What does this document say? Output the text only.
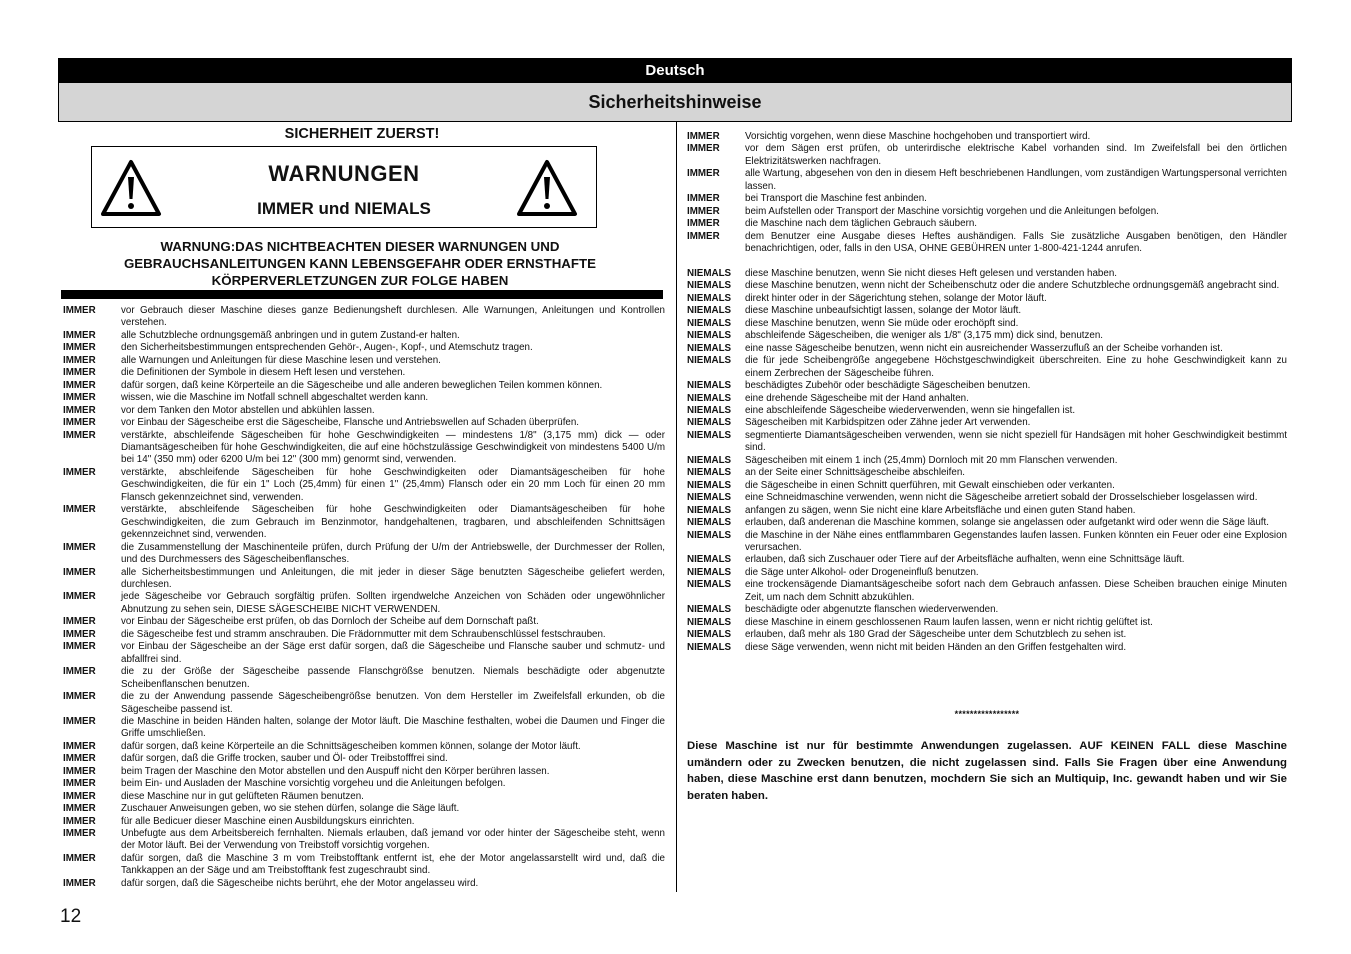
Deutsch
Sicherheitshinweise
SICHERHEIT ZUERST!
WARNUNGEN
IMMER und NIEMALS
WARNUNG:DAS NICHTBEACHTEN DIESER WARNUNGEN UND GEBRAUCHSANLEITUNGEN KANN LEBENSGEFAHR ODER ERNSTHAFTE KÖRPERVERLETZUNGEN ZUR FOLGE HABEN
IMMER	vor Gebrauch dieser Maschine dieses ganze Bedienungsheft durchlesen. Alle Warnungen, Anleitungen und Kontrollen verstehen.
IMMER	alle Schutzbleche ordnungsgemäß anbringen und in gutem Zustand-er halten.
IMMER	den Sicherheitsbestimmungen entsprechenden Gehör-, Augen-, Kopf-, und Atemschutz tragen.
IMMER	alle Warnungen und Anleitungen für diese Maschine lesen und verstehen.
IMMER	die Definitionen der Symbole in diesem Heft lesen und verstehen.
IMMER	dafür sorgen, daß keine Körperteile an die Sägescheibe und alle anderen beweglichen Teilen kommen können.
IMMER	wissen, wie die Maschine im Notfall schnell abgeschaltet werden kann.
IMMER	vor dem Tanken den Motor abstellen und abkühlen lassen.
IMMER	vor Einbau der Sägescheibe erst die Sägescheibe, Flansche und Antriebswellen auf Schaden überprüfen.
IMMER	verstärkte, abschleifende Sägescheiben für hohe Geschwindigkeiten — mindestens 1/8" (3,175 mm) dick — oder Diamantsägescheiben für hohe Geschwindigkeiten, die auf eine höchstzulässige Geschwindigkeit von mindestens 5400 U/m bei 14" (350 mm) oder 6200 U/m bei 12" (300 mm) genormt sind, verwenden.
IMMER	verstärkte, abschleifende Sägescheiben für hohe Geschwindigkeiten oder Diamantsägescheiben für hohe Geschwindigkeiten, die für ein 1" Loch (25,4mm) für einen 1" (25,4mm) Flansch oder ein 20 mm Loch für einen 20 mm Flansch gekennzeichnet sind, verwenden.
IMMER	verstärkte, abschleifende Sägescheiben für hohe Geschwindigkeiten oder Diamantsägescheiben für hohe Geschwindigkeiten, die zum Gebrauch im Benzinmotor, handgehaltenen, tragbaren, und abschleifenden Schnittsägen gekennzeichnet sind, verwenden.
IMMER	die Zusammenstellung der Maschinenteile prüfen, durch Prüfung der U/m der Antriebswelle, der Durchmesser der Rollen, und des Durchmessers des Sägescheibenflansches.
IMMER	alle Sicherheitsbestimmungen und Anleitungen, die mit jeder in dieser Säge benutzten Sägescheibe geliefert werden, durchlesen.
IMMER	jede Sägescheibe vor Gebrauch sorgfältig prüfen. Sollten irgendwelche Anzeichen von Schäden oder ungewöhnlicher Abnutzung zu sehen sein, DIESE SÄGESCHEIBE NICHT VERWENDEN.
IMMER	vor Einbau der Sägescheibe erst prüfen, ob das Dornloch der Scheibe auf dem Dornschaft paßt.
IMMER	die Sägescheibe fest und stramm anschrauben. Die Frädornmutter mit dem Schraubenschlüssel festschrauben.
IMMER	vor Einbau der Sägescheibe an der Säge erst dafür sorgen, daß die Sägescheibe und Flansche sauber und schmutz- und abfallfrei sind.
IMMER	die zu der Größe der Sägescheibe passende Flanschgrößse benutzen. Niemals beschädigte oder abgenutzte Scheibenflanschen benutzen.
IMMER	die zu der Anwendung passende Sägescheibengrößse benutzen. Von dem Hersteller im Zweifelsfall erkunden, ob die Sägescheibe passend ist.
IMMER	die Maschine in beiden Händen halten, solange der Motor läuft. Die Maschine festhalten, wobei die Daumen und Finger die Griffe umschließen.
IMMER	dafür sorgen, daß keine Körperteile an die Schnittsägescheiben kommen können, solange der Motor läuft.
IMMER	dafür sorgen, daß die Griffe trocken, sauber und Öl- oder Treibstofffrei sind.
IMMER	beim Tragen der Maschine den Motor abstellen und den Auspuff nicht den Körper berühren lassen.
IMMER	beim Ein- und Ausladen der Maschine vorsichtig vorgeheu und die Anleitungen befolgen.
IMMER	diese Maschine nur in gut gelüfteten Räumen benutzen.
IMMER	Zuschauer Anweisungen geben, wo sie stehen dürfen, solange die Säge läuft.
IMMER	für alle Bedicuer dieser Maschine einen Ausbildungskurs einrichten.
IMMER	Unbefugte aus dem Arbeitsbereich fernhalten. Niemals erlauben, daß jemand vor oder hinter der Sägescheibe steht, wenn der Motor läuft. Bei der Verwendung von Treibstoff vorsichtig vorgehen.
IMMER	dafür sorgen, daß die Maschine 3 m vom Treibstofftank entfernt ist, ehe der Motor angelassarstellt wird und, daß die Tankkappen an der Säge und am Treibstofftank fest zugeschraubt sind.
IMMER	dafür sorgen, daß die Sägescheibe nichts berührt, ehe der Motor angelasseu wird.
IMMER	Vorsichtig vorgehen, wenn diese Maschine hochgehoben und transportiert wird.
IMMER	vor dem Sägen erst prüfen, ob unterirdische elektrische Kabel vorhanden sind. Im Zweifelsfall bei den örtlichen Elektrizitätswerken nachfragen.
IMMER	alle Wartung, abgesehen von den in diesem Heft beschriebenen Handlungen, vom zuständigen Wartungspersonal verrichten lassen.
IMMER	bei Transport die Maschine fest anbinden.
IMMER	beim Aufstellen oder Transport der Maschine vorsichtig vorgehen und die Anleitungen befolgen.
IMMER	die Maschine nach dem täglichen Gebrauch säubern.
IMMER	dem Benutzer eine Ausgabe dieses Heftes aushändigen. Falls Sie zusätzliche Ausgaben benötigen, den Händler benachrichtigen, oder, falls in den USA, OHNE GEBÜHREN unter 1-800-421-1244 anrufen.
NIEMALS	diese Maschine benutzen, wenn Sie nicht dieses Heft gelesen und verstanden haben.
NIEMALS	diese Maschine benutzen, wenn nicht der Scheibenschutz oder die andere Schutzbleche ordnungsgemäß angebracht sind.
NIEMALS	direkt hinter oder in der Sägerichtung stehen, solange der Motor läuft.
NIEMALS	diese Maschine unbeaufsichtigt lassen, solange der Motor läuft.
NIEMALS	diese Maschine benutzen, wenn Sie müde oder erochöpft sind.
NIEMALS	abschleifende Sägescheiben, die weniger als 1/8" (3,175 mm) dick sind, benutzen.
NIEMALS	eine nasse Sägescheibe benutzen, wenn nicht ein ausreichender Wasserzufluß an der Scheibe vorhanden ist.
NIEMALS	die für jede Scheibengröße angegebene Höchstgeschwindigkeit überschreiten. Eine zu hohe Geschwindigkeit kann zu einem Zerbrechen der Sägescheibe führen.
NIEMALS	beschädigtes Zubehör oder beschädigte Sägescheiben benutzen.
NIEMALS	eine drehende Sägescheibe mit der Hand anhalten.
NIEMALS	eine abschleifende Sägescheibe wiederverwenden, wenn sie hingefallen ist.
NIEMALS	Sägescheiben mit Karbidspitzen oder Zähne jeder Art verwenden.
NIEMALS	segmentierte Diamantsägescheiben verwenden, wenn sie nicht speziell für Handsägen mit hoher Geschwindigkeit bestimmt sind.
NIEMALS	Sägescheiben mit einem 1 inch (25,4mm) Dornloch mit 20 mm Flanschen verwenden.
NIEMALS	an der Seite einer Schnittsägescheibe abschleifen.
NIEMALS	die Sägescheibe in einen Schnitt querführen, mit Gewalt einschieben oder verkanten.
NIEMALS	eine Schneidmaschine verwenden, wenn nicht die Sägescheibe arretiert sobald der Drosselschieber losgelassen wird.
NIEMALS	anfangen zu sägen, wenn Sie nicht eine klare Arbeitsfläche und einen guten Stand haben.
NIEMALS	erlauben, daß anderenan die Maschine kommen, solange sie angelassen oder aufgetankt wird oder wenn die Säge läuft.
NIEMALS	die Maschine in der Nähe eines entflammbaren Gegenstandes laufen lassen. Funken könnten ein Feuer oder eine Explosion verursachen.
NIEMALS	erlauben, daß sich Zuschauer oder Tiere auf der Arbeitsfläche aufhalten, wenn eine Schnittsäge läuft.
NIEMALS	die Säge unter Alkohol- oder Drogeneinfluß benutzen.
NIEMALS	eine trockensägende Diamantsägescheibe sofort nach dem Gebrauch anfassen. Diese Scheiben brauchen einige Minuten Zeit, um nach dem Schnitt abzukühlen.
NIEMALS	beschädigte oder abgenutzte flanschen wiederverwenden.
NIEMALS	diese Maschine in einem geschlossenen Raum laufen lassen, wenn er nicht richtig gelüftet ist.
NIEMALS	erlauben, daß mehr als 180 Grad der Sägescheibe unter dem Schutzblech zu sehen ist.
NIEMALS	diese Säge verwenden, wenn nicht mit beiden Händen an den Griffen festgehalten wird.
*****************
Diese Maschine ist nur für bestimmte Anwendungen zugelassen. AUF KEINEN FALL diese Maschine umändern oder zu Zwecken benutzen, die nicht zugelassen sind. Falls Sie Fragen über eine Anwendung haben, diese Maschine erst dann benutzen, mochdern Sie sich an Multiquip, Inc. gewandt haben und wir Sie beraten haben.
12
